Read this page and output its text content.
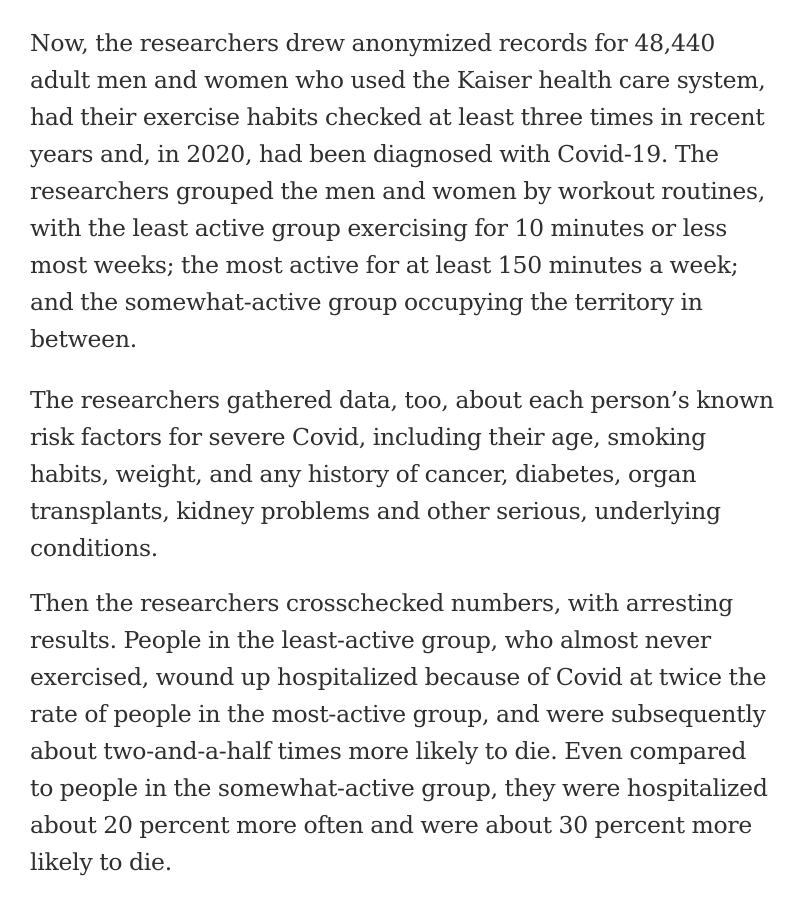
Now, the researchers drew anonymized records for 48,440 adult men and women who used the Kaiser health care system, had their exercise habits checked at least three times in recent years and, in 2020, had been diagnosed with Covid-19. The researchers grouped the men and women by workout routines, with the least active group exercising for 10 minutes or less most weeks; the most active for at least 150 minutes a week; and the somewhat-active group occupying the territory in between.

The researchers gathered data, too, about each person’s known risk factors for severe Covid, including their age, smoking habits, weight, and any history of cancer, diabetes, organ transplants, kidney problems and other serious, underlying conditions.

Then the researchers crosschecked numbers, with arresting results. People in the least-active group, who almost never exercised, wound up hospitalized because of Covid at twice the rate of people in the most-active group, and were subsequently about two-and-a-half times more likely to die. Even compared to people in the somewhat-active group, they were hospitalized about 20 percent more often and were about 30 percent more likely to die.
